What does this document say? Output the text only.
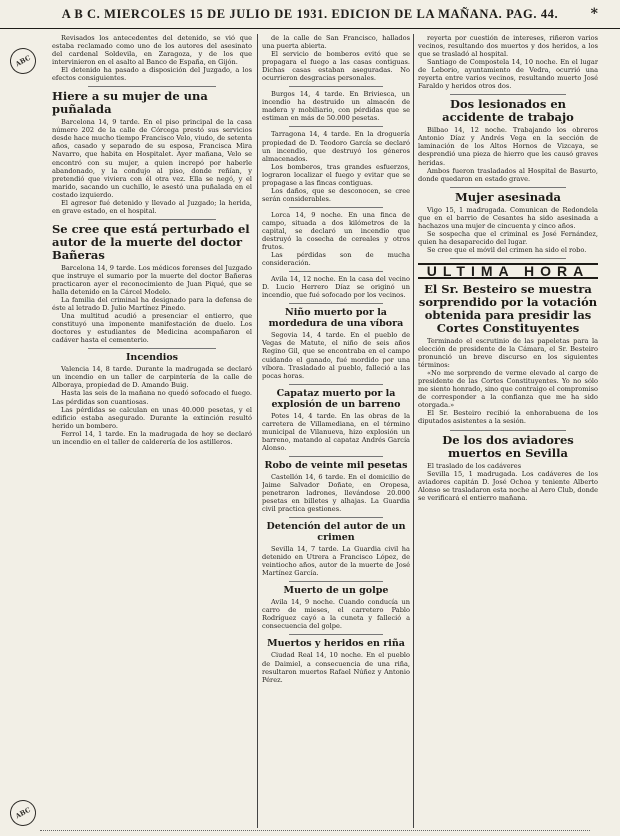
A B C. MIERCOLES 15 DE JULIO DE 1931. EDICION DE LA MAÑANA. PAG. 44. *
ABC
ABC

Revisados los antecedentes del detenido, se vió que estaba reclamado como uno de los autores del asesinato del cardenal Soldevila, en Zaragoza, y de los que intervinieron en el asalto al Banco de España, en Gijón.

El detenido ha pasado a disposición del Juzgado, a los efectos consiguientes.

Hiere a su mujer de una puñalada

Barcelona 14, 9 tarde. En el piso principal de la casa número 202 de la calle de Córcega prestó sus servicios desde hace mucho tiempo Francisco Velo, viudo, de setenta años, casado y separado de su esposa, Francisca Mira Navarro, que habita en Hospitalet. Ayer mañana, Velo se encontró con su mujer, a quien increpó por haberle abandonado, y la condujo al piso, donde reñían, y pretendió que viviera con él otra vez. Ella se negó, y el marido, sacando un cuchillo, le asestó una puñalada en el costado izquierdo.

El agresor fué detenido y llevado al Juzgado; la herida, en grave estado, en el hospital.

Se cree que está perturbado el autor de la muerte del doctor Bañeras

Barcelona 14, 9 tarde. Los médicos forenses del Juzgado que instruye el sumario por la muerte del doctor Bañeras practicaron ayer el reconocimiento de Juan Piqué, que se halla detenido en la Cárcel Modelo.

La familia del criminal ha designado para la defensa de éste al letrado D. Julio Martínez Pinedo.

Una multitud acudió a presenciar el entierro, que constituyó una imponente manifestación de duelo. Los doctores y estudiantes de Medicina acompañaron el cadáver hasta el cementerio.

Incendios

Valencia 14, 8 tarde. Durante la madrugada se declaró un incendio en un taller de carpintería de la calle de Alboraya, propiedad de D. Amando Buig.

Hasta las seis de la mañana no quedó sofocado el fuego. Las pérdidas son cuantiosas.

Las pérdidas se calculan en unas 40.000 pesetas, y el edificio estaba asegurado. Durante la extinción resultó herido un bombero.

Ferrol 14, 1 tarde. En la madrugada de hoy se declaró un incendio en el taller de calderería de los astilleros.

de la calle de San Francisco, hallados una puerta abierta.

El servicio de bomberos evitó que se propagara el fuego a las casas contiguas. Dichas casas estaban aseguradas. No ocurrieron desgracias personales.

Burgos 14, 4 tarde. En Briviesca, un incendio ha destruido un almacén de madera y mobiliario, con pérdidas que se estiman en más de 50.000 pesetas.

Tarragona 14, 4 tarde. En la droguería propiedad de D. Teodoro García se declaró un incendio, que destruyó los géneros almacenados.

Los bomberos, tras grandes esfuerzos, lograron localizar el fuego y evitar que se propagase a las fincas contiguas.

Los daños, que se desconocen, se cree serán considerables.

Lorca 14, 9 noche. En una finca de campo, situada a dos kilómetros de la capital, se declaró un incendio que destruyó la cosecha de cereales y otros frutos.

Las pérdidas son de mucha consideración.

Avila 14, 12 noche. En la casa del vecino D. Lucio Herrero Díaz se originó un incendio, que fué sofocado por los vecinos.

Niño muerto por la mordedura de una víbora

Segovia 14, 4 tarde. En el pueblo de Vegas de Matute, el niño de seis años Regino Gil, que se encontraba en el campo cuidando el ganado, fué mordido por una víbora. Trasladado al pueblo, falleció a las pocas horas.

Capataz muerto por la explosión de un barreno

Potes 14, 4 tarde. En las obras de la carretera de Villamediana, en el término municipal de Vilanueva, hizo explosión un barreno, matando al capataz Andrés García Alonso.

Robo de veinte mil pesetas

Castellón 14, 6 tarde. En el domicilio de Jaime Salvador Doñate, en Oropesa, penetraron ladrones, llevándose 20.000 pesetas en billetes y alhajas. La Guardia civil practica gestiones.

Detención del autor de un crimen

Sevilla 14, 7 tarde. La Guardia civil ha detenido en Utrera a Francisco López, de veintiocho años, autor de la muerte de José Martínez García.

Muerto de un golpe

Avila 14, 9 noche. Cuando conducía un carro de mieses, el carretero Pablo Rodríguez cayó a la cuneta y falleció a consecuencia del golpe.

Muertos y heridos en riña

Ciudad Real 14, 10 noche. En el pueblo de Daimiel, a consecuencia de una riña, resultaron muertos Rafael Núñez y Antonio Pérez.

reyerta por cuestión de intereses, riñeron varios vecinos, resultando dos muertos y dos heridos, a los que se trasladó al hospital.

Santiago de Compostela 14, 10 noche. En el lugar de Leborio, ayuntamiento de Vedra, ocurrió una reyerta entre varios vecinos, resultando muerto José Faraldo y heridos otros dos.

Dos lesionados en accidente de trabajo

Bilbao 14, 12 noche. Trabajando los obreros Antonio Díaz y Andrés Vega en la sección de laminación de los Altos Hornos de Vizcaya, se desprendió una pieza de hierro que les causó graves heridas.

Ambos fueron trasladados al Hospital de Basurto, donde quedaron en estado grave.

Mujer asesinada

Vigo 15, 1 madrugada. Comunican de Redondela que en el barrio de Cesantes ha sido asesinada a hachazos una mujer de cincuenta y cinco años.

Se sospecha que el criminal es José Fernández, quien ha desaparecido del lugar.

Se cree que el móvil del crimen ha sido el robo.

ULTIMA HORA
El Sr. Besteiro se muestra sorprendido por la votación obtenida para presidir las Cortes Constituyentes

Terminado el escrutinio de las papeletas para la elección de presidente de la Cámara, el Sr. Besteiro pronunció un breve discurso en los siguientes términos:

«No me sorprendo de verme elevado al cargo de presidente de las Cortes Constituyentes. Yo no sólo me siento honrado, sino que contraigo el compromiso de corresponder a la confianza que me ha sido otorgada.»

El Sr. Besteiro recibió la enhorabuena de los diputados asistentes a la sesión.

De los dos aviadores muertos en Sevilla

El traslado de los cadáveres

Sevilla 15, 1 madrugada. Los cadáveres de los aviadores capitán D. José Ochoa y teniente Alberto Alonso se trasladaron esta noche al Aero Club, donde se verificará el entierro mañana.
